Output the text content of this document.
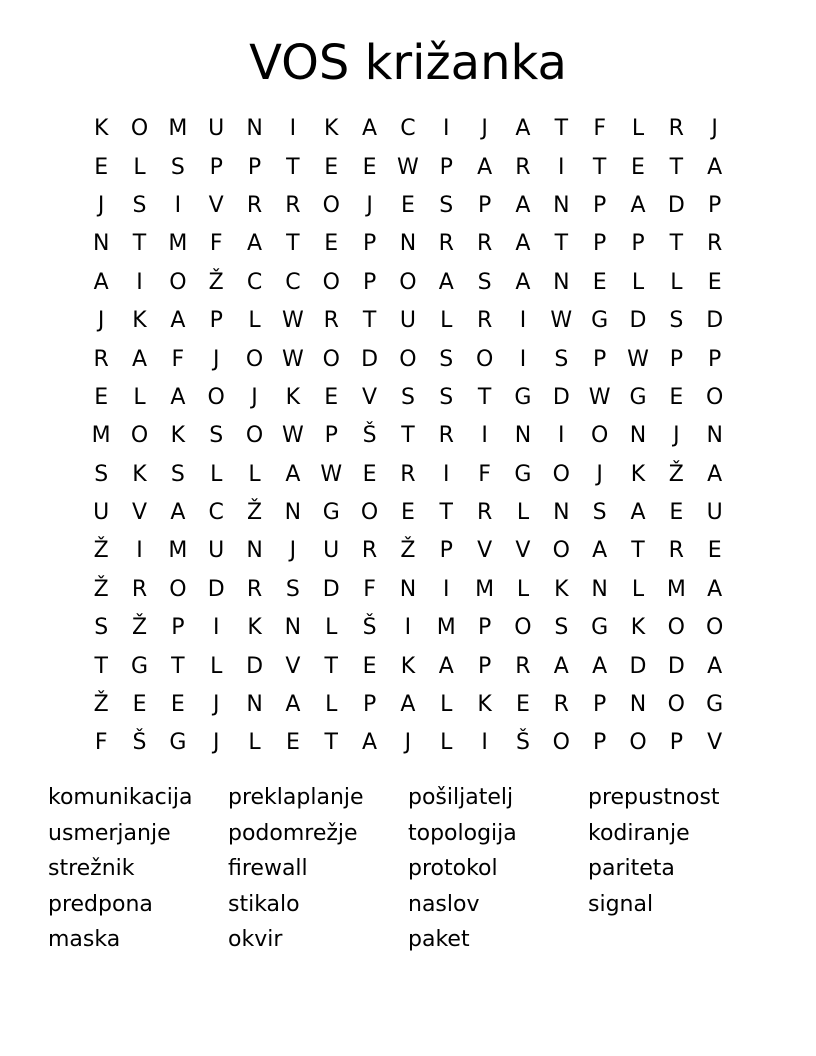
VOS križanka
K	O M U	N	I	K	A	C	I	J	A	T	F	L	R	J
E	L	S	P	P	T	E	E W P	A	R	I	T	E	T	A
J	S	I	V	R	R	O	J	E	S	P	A	N	P	A	D	P
N	T	M	F	A	T	E	P	N	R	R	A	T	P	P	T	R
A	I	O	Ž	C	C O	P	O	A	S	A	N	E	L	L	E
J	K	A	P	L W R	T	U	L	R	I	W G D	S	D
R	A	F	J	O W O D O	S	O	I	S	P W P	P
E	L	A	O	J	K	E	V	S	S	T	G D W G	E	O
M O	K	S	O W P	Š	T	R	I	N	I	O N	J	N
S	K	S	L	L	A W E	R	I	F	G O	J	K	Ž	A
U	V	A	C	Ž	N G O	E	T	R	L	N	S	A	E	U
Ž	I	M U	N	J	U	R	Ž	P	V	V	O	A	T	R	E
Ž	R	O D	R	S	D	F	N	I	M	L	K	N	L	M A
S	Ž	P	I	K	N	L	Š	I	M	P	O	S	G	K	O O
T	G	T	L	D	V	T	E	K	A	P	R	A	A	D D	A
Ž	E	E	J	N	A	L	P	A	L	K	E	R	P	N O G
F	Š	G	J	L	E	T	A	J	L	I	Š	O	P	O	P	V
komunikacija
usmerjanje
strežnik
predpona
maska
preklaplanje
podomrežje
firewall
stikalo
okvir
pošiljatelj
topologija
protokol
naslov
paket
prepustnost
kodiranje
pariteta
signal
